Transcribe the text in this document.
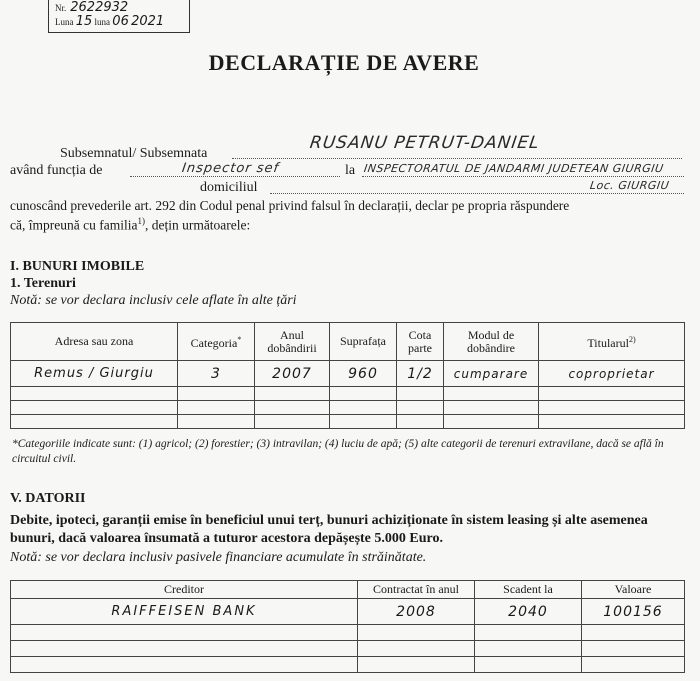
Nr. 2622932
Luna 15 luna 06 2021
DECLARAȚIE DE AVERE
Subsemnatul/ Subsemnata
RUSANU PETRUT-DANIEL
având funcția de	Inspector sef	la INSPECTORATUL DE JANDARMI JUDETEAN GIURGIU
domiciliul	Loc. GIURGIU
cunoscând prevederile art. 292 din Codul penal privind falsul în declarații, declar pe propria răspundere
că, împreună cu familia$^{1)}$, dețin următoarele:
I. BUNURI IMOBILE
1. Terenuri
Notă: se vor declara inclusiv cele aflate în alte țări
Adresa sau zona	Categoria*	Anul dobândirii	Suprafața	Cota parte	Modul de dobândire	Titularul$^{2)}$
Remus / Giurgiu	3	2007	960	1/2	cumparare	coproprietar

*Categoriile indicate sunt: (1) agricol; (2) forestier; (3) intravilan; (4) luciu de apă; (5) alte categorii de terenuri extravilane, dacă se află în circuitul civil.
V. DATORII
Debite, ipoteci, garanții emise în beneficiul unui terț, bunuri achiziționate în sistem leasing și alte asemenea bunuri, dacă valoarea însumată a tuturor acestora depășește 5.000 Euro.
Notă: se vor declara inclusiv pasivele financiare acumulate în străinătate.
Creditor	Contractat în anul	Scadent la	Valoare
RAIFFEISEN BANK	2008	2040	100156
